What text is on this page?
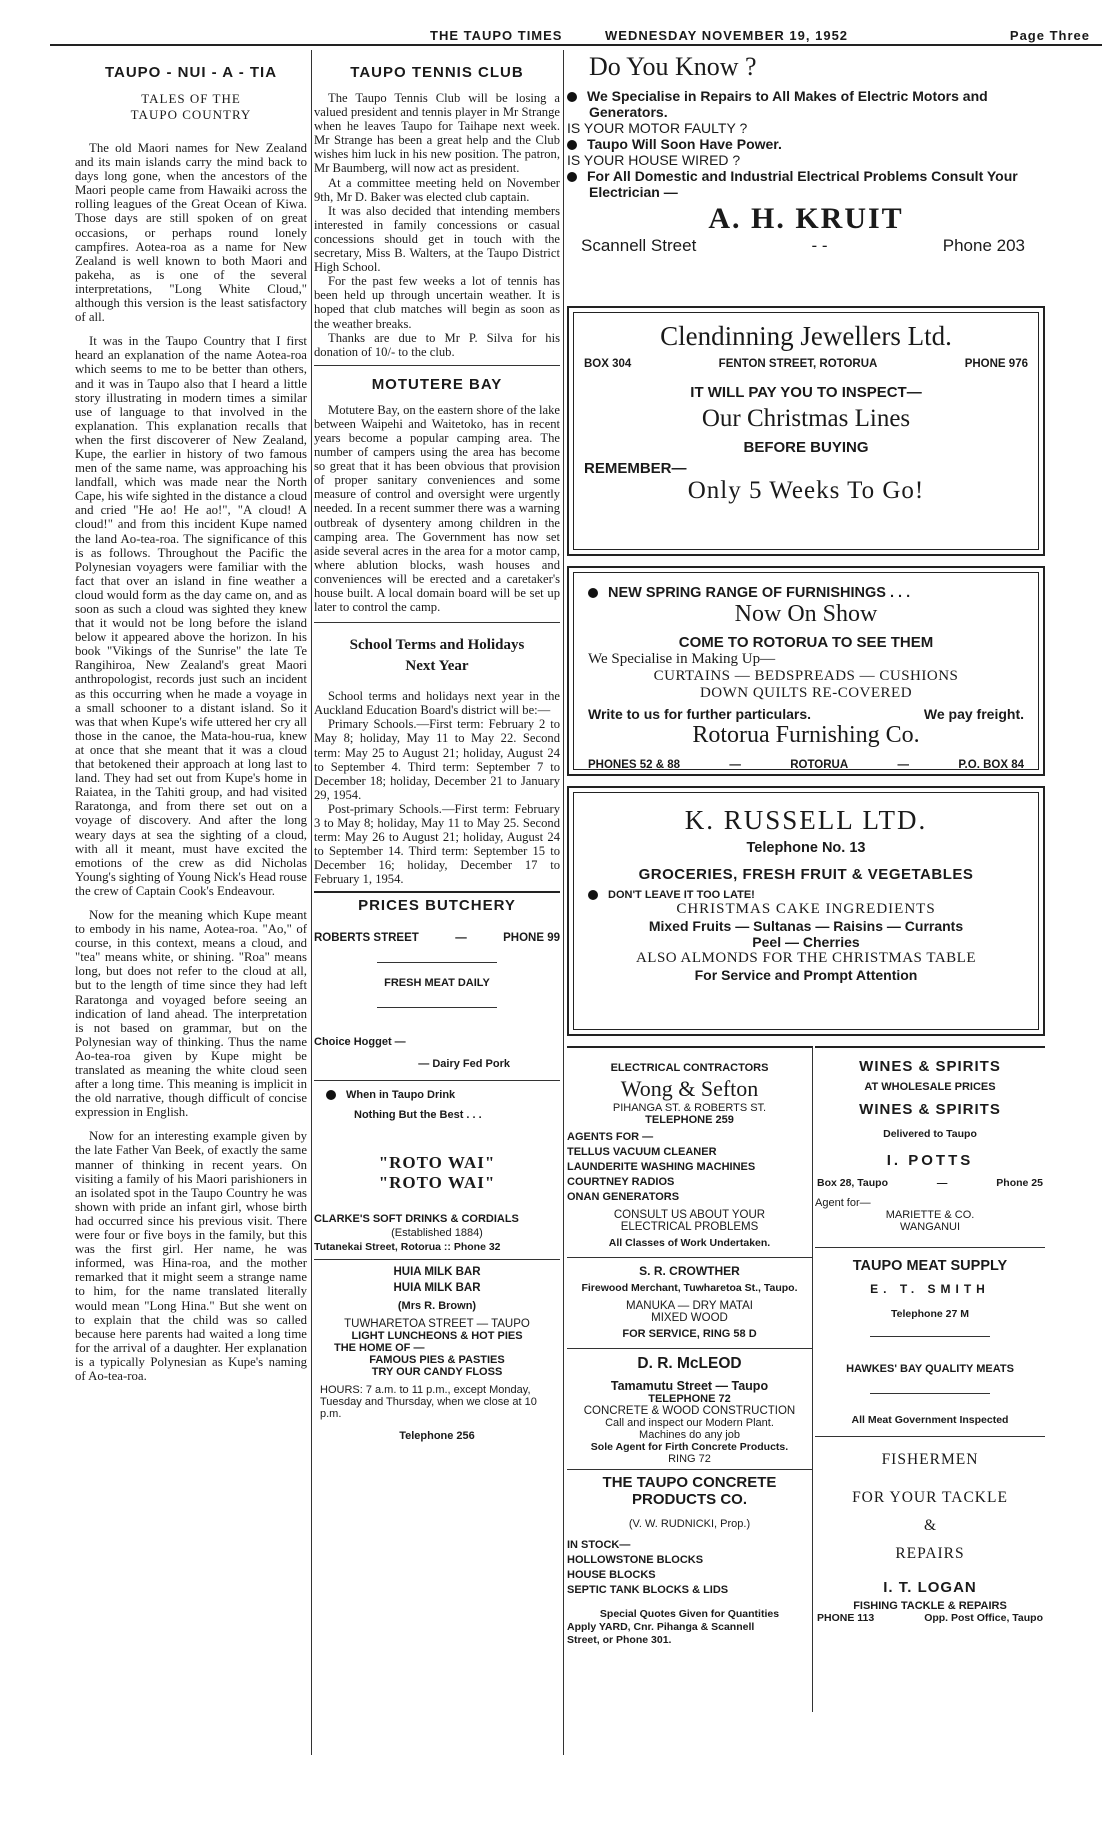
THE TAUPO TIMES	WEDNESDAY NOVEMBER 19, 1952	Page Three
TAUPO - NUI - A - TIA
TALES OF THE TAUPO COUNTRY

The old Maori names for New Zealand and its main islands carry the mind back to days long gone, when the ancestors of the Maori people came from Hawaiki across the rolling leagues of the Great Ocean of Kiwa. Those days are still spoken of on great occasions, or perhaps round lonely campfires. Aotea-roa as a name for New Zealand is well known to both Maori and pakeha, as is one of the several interpretations, "Long White Cloud," although this version is the least satisfactory of all.

It was in the Taupo Country that I first heard an explanation of the name Aotea-roa which seems to me to be better than others, and it was in Taupo also that I heard a little story illustrating in modern times a similar use of language to that involved in the explanation. This explanation recalls that when the first discoverer of New Zealand, Kupe, the earlier in history of two famous men of the same name, was approaching his landfall, which was made near the North Cape, his wife sighted in the distance a cloud and cried "He ao! He ao!", "A cloud! A cloud!" and from this incident Kupe named the land Ao-tea-roa. The significance of this is as follows. Throughout the Pacific the Polynesian voyagers were familiar with the fact that over an island in fine weather a cloud would form as the day came on, and as soon as such a cloud was sighted they knew that it would not be long before the island below it appeared above the horizon. In his book "Vikings of the Sunrise" the late Te Rangihiroa, New Zealand's great Maori anthropologist, records just such an incident as this occurring when he made a voyage in a small schooner to a distant island. So it was that when Kupe's wife uttered her cry all those in the canoe, the Mata-hou-rua, knew at once that she meant that it was a cloud that betokened their approach at long last to land. They had set out from Kupe's home in Raiatea, in the Tahiti group, and had visited Raratonga, and from there set out on a voyage of discovery. And after the long weary days at sea the sighting of a cloud, with all it meant, must have excited the emotions of the crew as did Nicholas Young's sighting of Young Nick's Head rouse the crew of Captain Cook's Endeavour.

Now for the meaning which Kupe meant to embody in his name, Aotea-roa. "Ao," of course, in this context, means a cloud, and "tea" means white, or shining. "Roa" means long, but does not refer to the cloud at all, but to the length of time since they had left Raratonga and voyaged before seeing an indication of land ahead. The interpretation is not based on grammar, but on the Polynesian way of thinking. Thus the name Ao-tea-roa given by Kupe might be translated as meaning the white cloud seen after a long time. This meaning is implicit in the old narrative, though difficult of concise expression in English.

Now for an interesting example given by the late Father Van Beek, of exactly the same manner of thinking in recent years. On visiting a family of his Maori parishioners in an isolated spot in the Taupo Country he was shown with pride an infant girl, whose birth had occurred since his previous visit. There were four or five boys in the family, but this was the first girl. Her name, he was informed, was Hina-roa, and the mother remarked that it might seem a strange name to him, for the name translated literally would mean "Long Hina." But she went on to explain that the child was so called because here parents had waited a long time for the arrival of a daughter. Her explanation is a typically Polynesian as Kupe's naming of Ao-tea-roa.

TAUPO TENNIS CLUB

The Taupo Tennis Club will be losing a valued president and tennis player in Mr Strange when he leaves Taupo for Taihape next week. Mr Strange has been a great help and the Club wishes him luck in his new position. The patron, Mr Baumberg, will now act as president.

At a committee meeting held on November 9th, Mr D. Baker was elected club captain.

It was also decided that intending members interested in family concessions or casual concessions should get in touch with the secretary, Miss B. Walters, at the Taupo District High School.

For the past few weeks a lot of tennis has been held up through uncertain weather. It is hoped that club matches will begin as soon as the weather breaks.

Thanks are due to Mr P. Silva for his donation of 10/- to the club.

MOTUTERE BAY

Motutere Bay, on the eastern shore of the lake between Waipehi and Waitetoko, has in recent years become a popular camping area. The number of campers using the area has become so great that it has been obvious that provision of proper sanitary conveniences and some measure of control and oversight were urgently needed. In a recent summer there was a warning outbreak of dysentery among children in the camping area. The Government has now set aside several acres in the area for a motor camp, where ablution blocks, wash houses and conveniences will be erected and a caretaker's house built. A local domain board will be set up later to control the camp.

School Terms and Holidays
Next Year

School terms and holidays next year in the Auckland Education Board's district will be:—

Primary Schools.—First term: February 2 to May 8; holiday, May 11 to May 22. Second term: May 25 to August 21; holiday, August 24 to September 4. Third term: September 7 to December 18; holiday, December 21 to January 29, 1954.

Post-primary Schools.—First term: February 3 to May 8; holiday, May 11 to May 25. Second term: May 26 to August 21; holiday, August 24 to September 14. Third term: September 15 to December 16; holiday, December 17 to February 1, 1954.

PRICES BUTCHERY
ROBERTS STREET	—	PHONE 99
FRESH MEAT DAILY
Choice Hogget —
— Dairy Fed Pork
When in Taupo Drink
Nothing But the Best . . .
"ROTO WAI"
"ROTO WAI"
CLARKE'S SOFT DRINKS & CORDIALS
(Established 1884)
Tutanekai Street, Rotorua :: Phone 32
HUIA MILK BAR
HUIA MILK BAR
(Mrs R. Brown)
TUWHARETOA STREET — TAUPO
LIGHT LUNCHEONS & HOT PIES
THE HOME OF —
FAMOUS PIES & PASTIES
TRY OUR CANDY FLOSS
HOURS: 7 a.m. to 11 p.m., except Monday, Tuesday and Thursday, when we close at 10 p.m.
Telephone 256
Do You Know ?
We Specialise in Repairs to All Makes of Electric Motors and Generators.
IS YOUR MOTOR FAULTY ?
Taupo Will Soon Have Power.
IS YOUR HOUSE WIRED ?
For All Domestic and Industrial Electrical Problems Consult Your Electrician —
A. H. KRUIT
Scannell Street	- -	Phone 203
Clendinning Jewellers Ltd.
BOX 304	FENTON STREET, ROTORUA	PHONE 976
IT WILL PAY YOU TO INSPECT—
Our Christmas Lines
BEFORE BUYING
REMEMBER—
Only 5 Weeks To Go!
NEW SPRING RANGE OF FURNISHINGS . . .
Now On Show
COME TO ROTORUA TO SEE THEM
We Specialise in Making Up—
CURTAINS — BEDSPREADS — CUSHIONS
DOWN QUILTS RE-COVERED
Write to us for further particulars.	We pay freight.
Rotorua Furnishing Co.
PHONES 52 & 88	—	ROTORUA	—	P.O. BOX 84
K. RUSSELL LTD.
Telephone No. 13
GROCERIES, FRESH FRUIT & VEGETABLES
DON'T LEAVE IT TOO LATE!
CHRISTMAS CAKE INGREDIENTS
Mixed Fruits — Sultanas — Raisins — Currants
Peel — Cherries
ALSO ALMONDS FOR THE CHRISTMAS TABLE
For Service and Prompt Attention
ELECTRICAL CONTRACTORS
Wong & Sefton
PIHANGA ST. & ROBERTS ST.
TELEPHONE 259
AGENTS FOR —
TELLUS VACUUM CLEANER
LAUNDERITE WASHING MACHINES
COURTNEY RADIOS
ONAN GENERATORS
CONSULT US ABOUT YOUR
ELECTRICAL PROBLEMS
All Classes of Work Undertaken.
S. R. CROWTHER
Firewood Merchant, Tuwharetoa St., Taupo.
MANUKA — DRY MATAI
MIXED WOOD
FOR SERVICE, RING 58 D
D. R. McLEOD
Tamamutu Street — Taupo
TELEPHONE 72
CONCRETE & WOOD CONSTRUCTION
Call and inspect our Modern Plant.
Machines do any job
Sole Agent for Firth Concrete Products.
RING 72
THE TAUPO CONCRETE
PRODUCTS CO.
(V. W. RUDNICKI, Prop.)
IN STOCK—
HOLLOWSTONE BLOCKS
HOUSE BLOCKS
SEPTIC TANK BLOCKS & LIDS
Special Quotes Given for Quantities
Apply YARD, Cnr. Pihanga & Scannell
Street, or Phone 301.
WINES & SPIRITS
AT WHOLESALE PRICES
WINES & SPIRITS
Delivered to Taupo
I. POTTS
Box 28, Taupo	—	Phone 25
Agent for—
MARIETTE & CO.
WANGANUI
TAUPO MEAT SUPPLY
E. T. SMITH
Telephone 27 M
HAWKES' BAY QUALITY MEATS
All Meat Government Inspected
FISHERMEN
FOR YOUR TACKLE
&
REPAIRS
I. T. LOGAN
FISHING TACKLE & REPAIRS
PHONE 113	Opp. Post Office, Taupo
